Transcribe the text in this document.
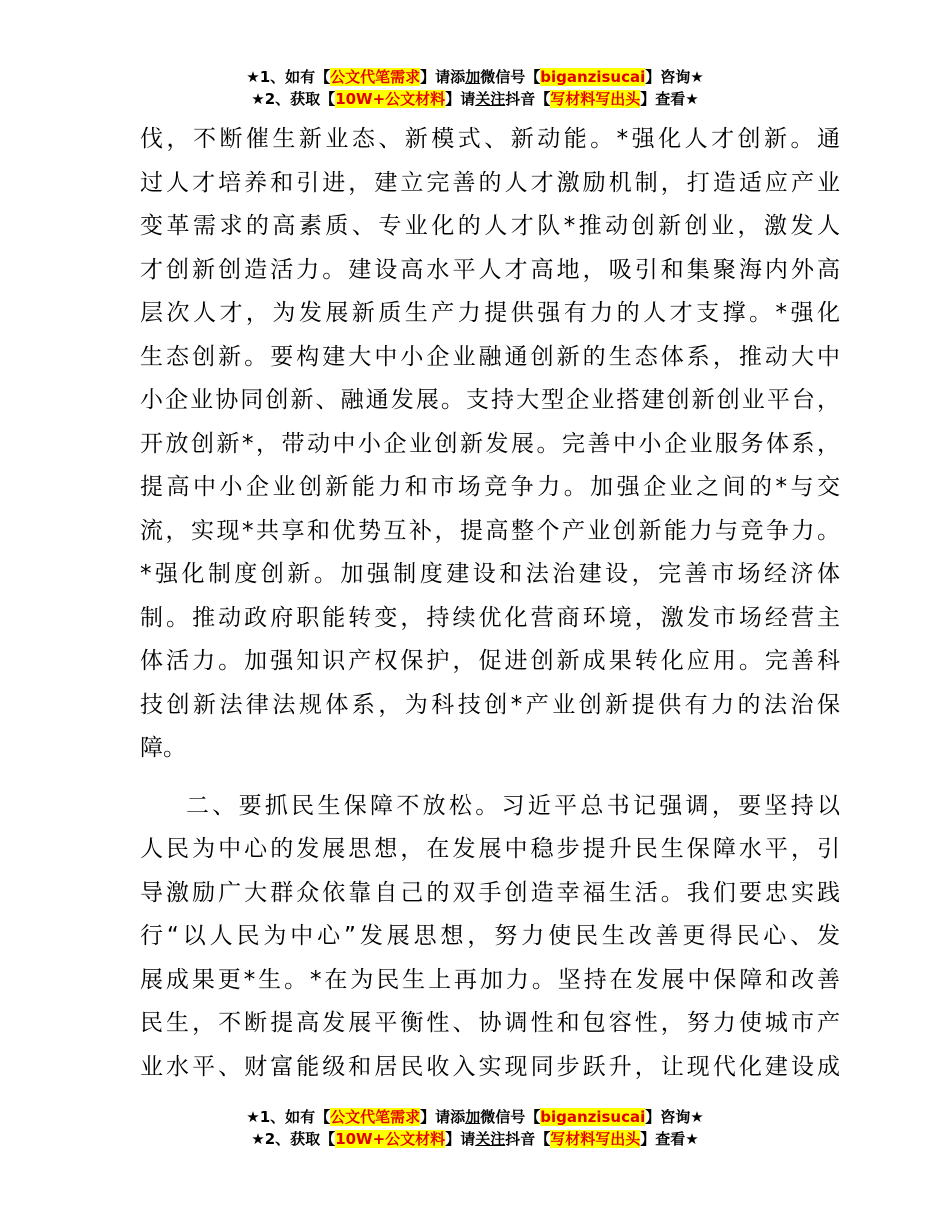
★1、如有【公文代笔需求】请添加微信号【biganzisucai】咨询★
★2、获取【10W+公文材料】请关注抖音【写材料写出头】查看★
伐，不断催生新业态、新模式、新动能。*强化人才创新。通
过人才培养和引进，建立完善的人才激励机制，打造适应产业
变革需求的高素质、专业化的人才队*推动创新创业，激发人
才创新创造活力。建设高水平人才高地，吸引和集聚海内外高
层次人才，为发展新质生产力提供强有力的人才支撑。*强化
生态创新。要构建大中小企业融通创新的生态体系，推动大中
小企业协同创新、融通发展。支持大型企业搭建创新创业平台，
开放创新*，带动中小企业创新发展。完善中小企业服务体系，
提高中小企业创新能力和市场竞争力。加强企业之间的*与交
流，实现*共享和优势互补，提高整个产业创新能力与竞争力。
*强化制度创新。加强制度建设和法治建设，完善市场经济体
制。推动政府职能转变，持续优化营商环境，激发市场经营主
体活力。加强知识产权保护，促进创新成果转化应用。完善科
技创新法律法规体系，为科技创*产业创新提供有力的法治保
障。
二、要抓民生保障不放松。习近平总书记强调，要坚持以
人民为中心的发展思想，在发展中稳步提升民生保障水平，引
导激励广大群众依靠自己的双手创造幸福生活。我们要忠实践
行“以人民为中心”发展思想，努力使民生改善更得民心、发
展成果更*生。*在为民生上再加力。坚持在发展中保障和改善
民生，不断提高发展平衡性、协调性和包容性，努力使城市产
业水平、财富能级和居民收入实现同步跃升，让现代化建设成
★1、如有【公文代笔需求】请添加微信号【biganzisucai】咨询★
★2、获取【10W+公文材料】请关注抖音【写材料写出头】查看★
